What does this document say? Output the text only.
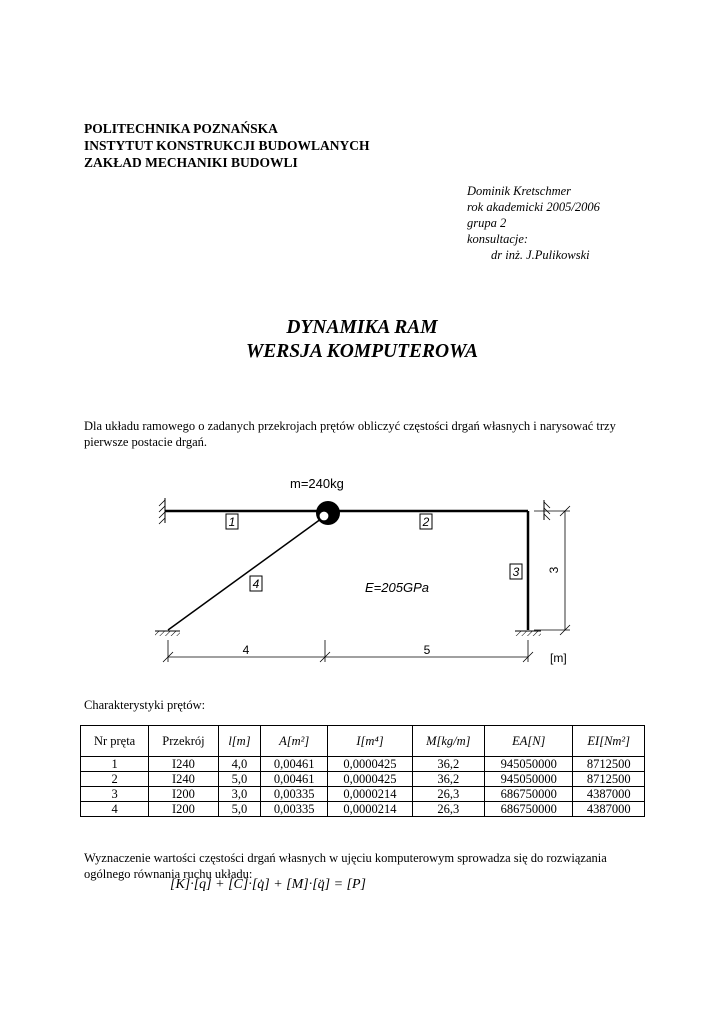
POLITECHNIKA POZNAŃSKA
INSTYTUT KONSTRUKCJI BUDOWLANYCH
ZAKŁAD MECHANIKI BUDOWLI
Dominik Kretschmer
rok akademicki 2005/2006
grupa 2
konsultacje:
dr inż. J.Pulikowski
DYNAMIKA RAM
WERSJA KOMPUTEROWA
Dla układu ramowego o zadanych przekrojach prętów obliczyć częstości drgań własnych i narysować trzy pierwsze postacie drgań.
m=240kg
1	2
3
4	E=205GPa
3
4	5
[m]
Charakterystyki prętów:
Nr pręta	Przekrój	l[m]	A[m²]	I[m⁴]	M[kg/m]	EA[N]	EI[Nm²]
1	I240	4,0	0,00461	0,0000425	36,2	945050000	8712500
2	I240	5,0	0,00461	0,0000425	36,2	945050000	8712500
3	I200	3,0	0,00335	0,0000214	26,3	686750000	4387000
4	I200	5,0	0,00335	0,0000214	26,3	686750000	4387000
Wyznaczenie wartości częstości drgań własnych w ujęciu komputerowym sprowadza się do rozwiązania ogólnego równania ruchu układu:
[K]·[q] + [C]·[q̇] + [M]·[q̈] = [P]
